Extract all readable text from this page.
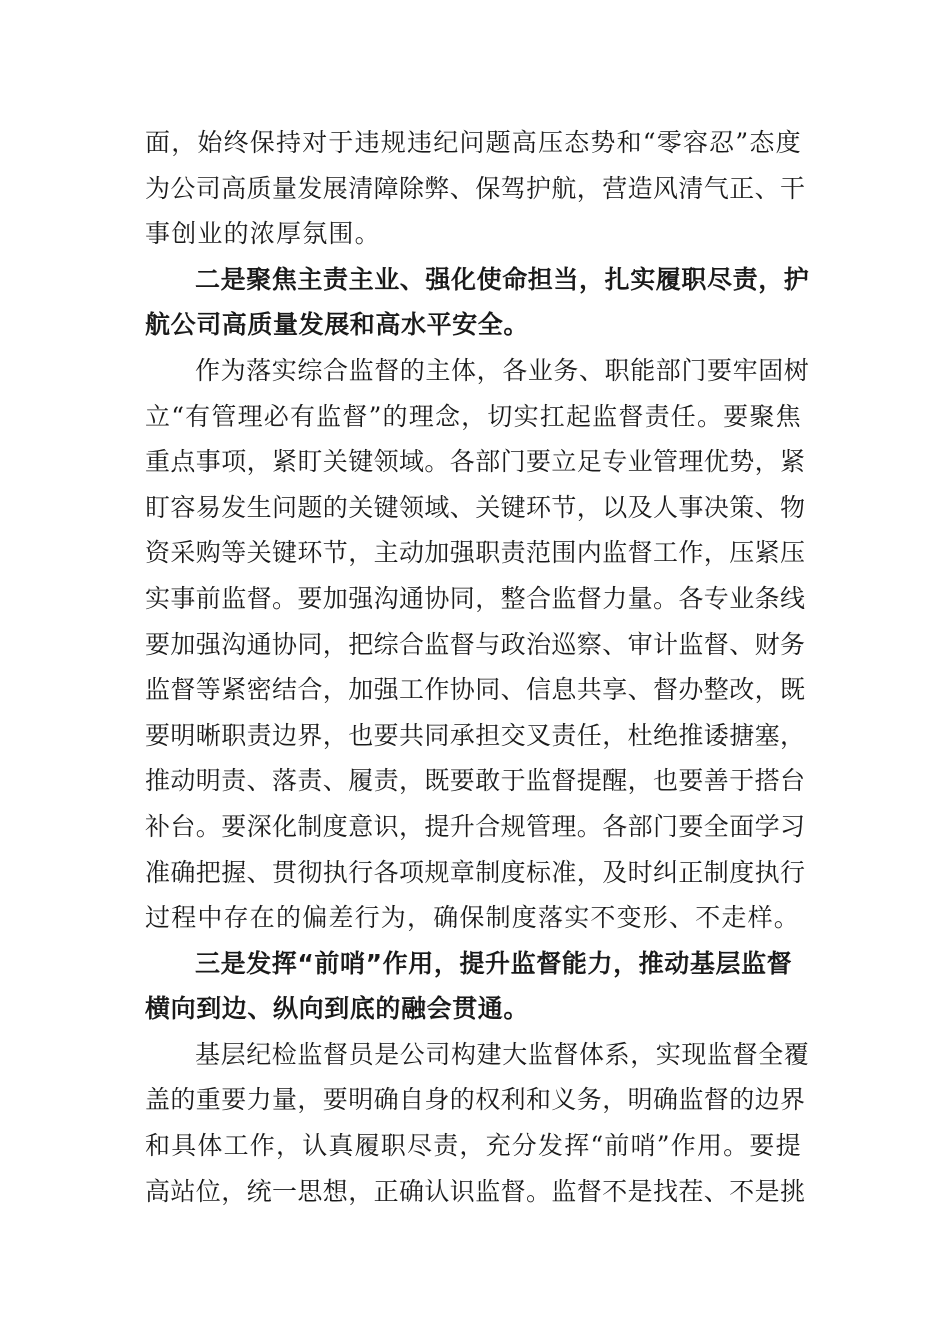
面，始终保持对于违规违纪问题高压态势和“零容忍”态度
为公司高质量发展清障除弊、保驾护航，营造风清气正、干
事创业的浓厚氛围。
二是聚焦主责主业、强化使命担当，扎实履职尽责，护
航公司高质量发展和高水平安全。
作为落实综合监督的主体，各业务、职能部门要牢固树
立“有管理必有监督”的理念，切实扛起监督责任。要聚焦
重点事项，紧盯关键领域。各部门要立足专业管理优势，紧
盯容易发生问题的关键领域、关键环节，以及人事决策、物
资采购等关键环节，主动加强职责范围内监督工作，压紧压
实事前监督。要加强沟通协同，整合监督力量。各专业条线
要加强沟通协同，把综合监督与政治巡察、审计监督、财务
监督等紧密结合，加强工作协同、信息共享、督办整改，既
要明晰职责边界，也要共同承担交叉责任，杜绝推诿搪塞，
推动明责、落责、履责，既要敢于监督提醒，也要善于搭台
补台。要深化制度意识，提升合规管理。各部门要全面学习
准确把握、贯彻执行各项规章制度标准，及时纠正制度执行
过程中存在的偏差行为，确保制度落实不变形、不走样。
三是发挥“前哨”作用，提升监督能力，推动基层监督
横向到边、纵向到底的融会贯通。
基层纪检监督员是公司构建大监督体系，实现监督全覆
盖的重要力量，要明确自身的权利和义务，明确监督的边界
和具体工作，认真履职尽责，充分发挥“前哨”作用。要提
高站位，统一思想，正确认识监督。监督不是找茬、不是挑
